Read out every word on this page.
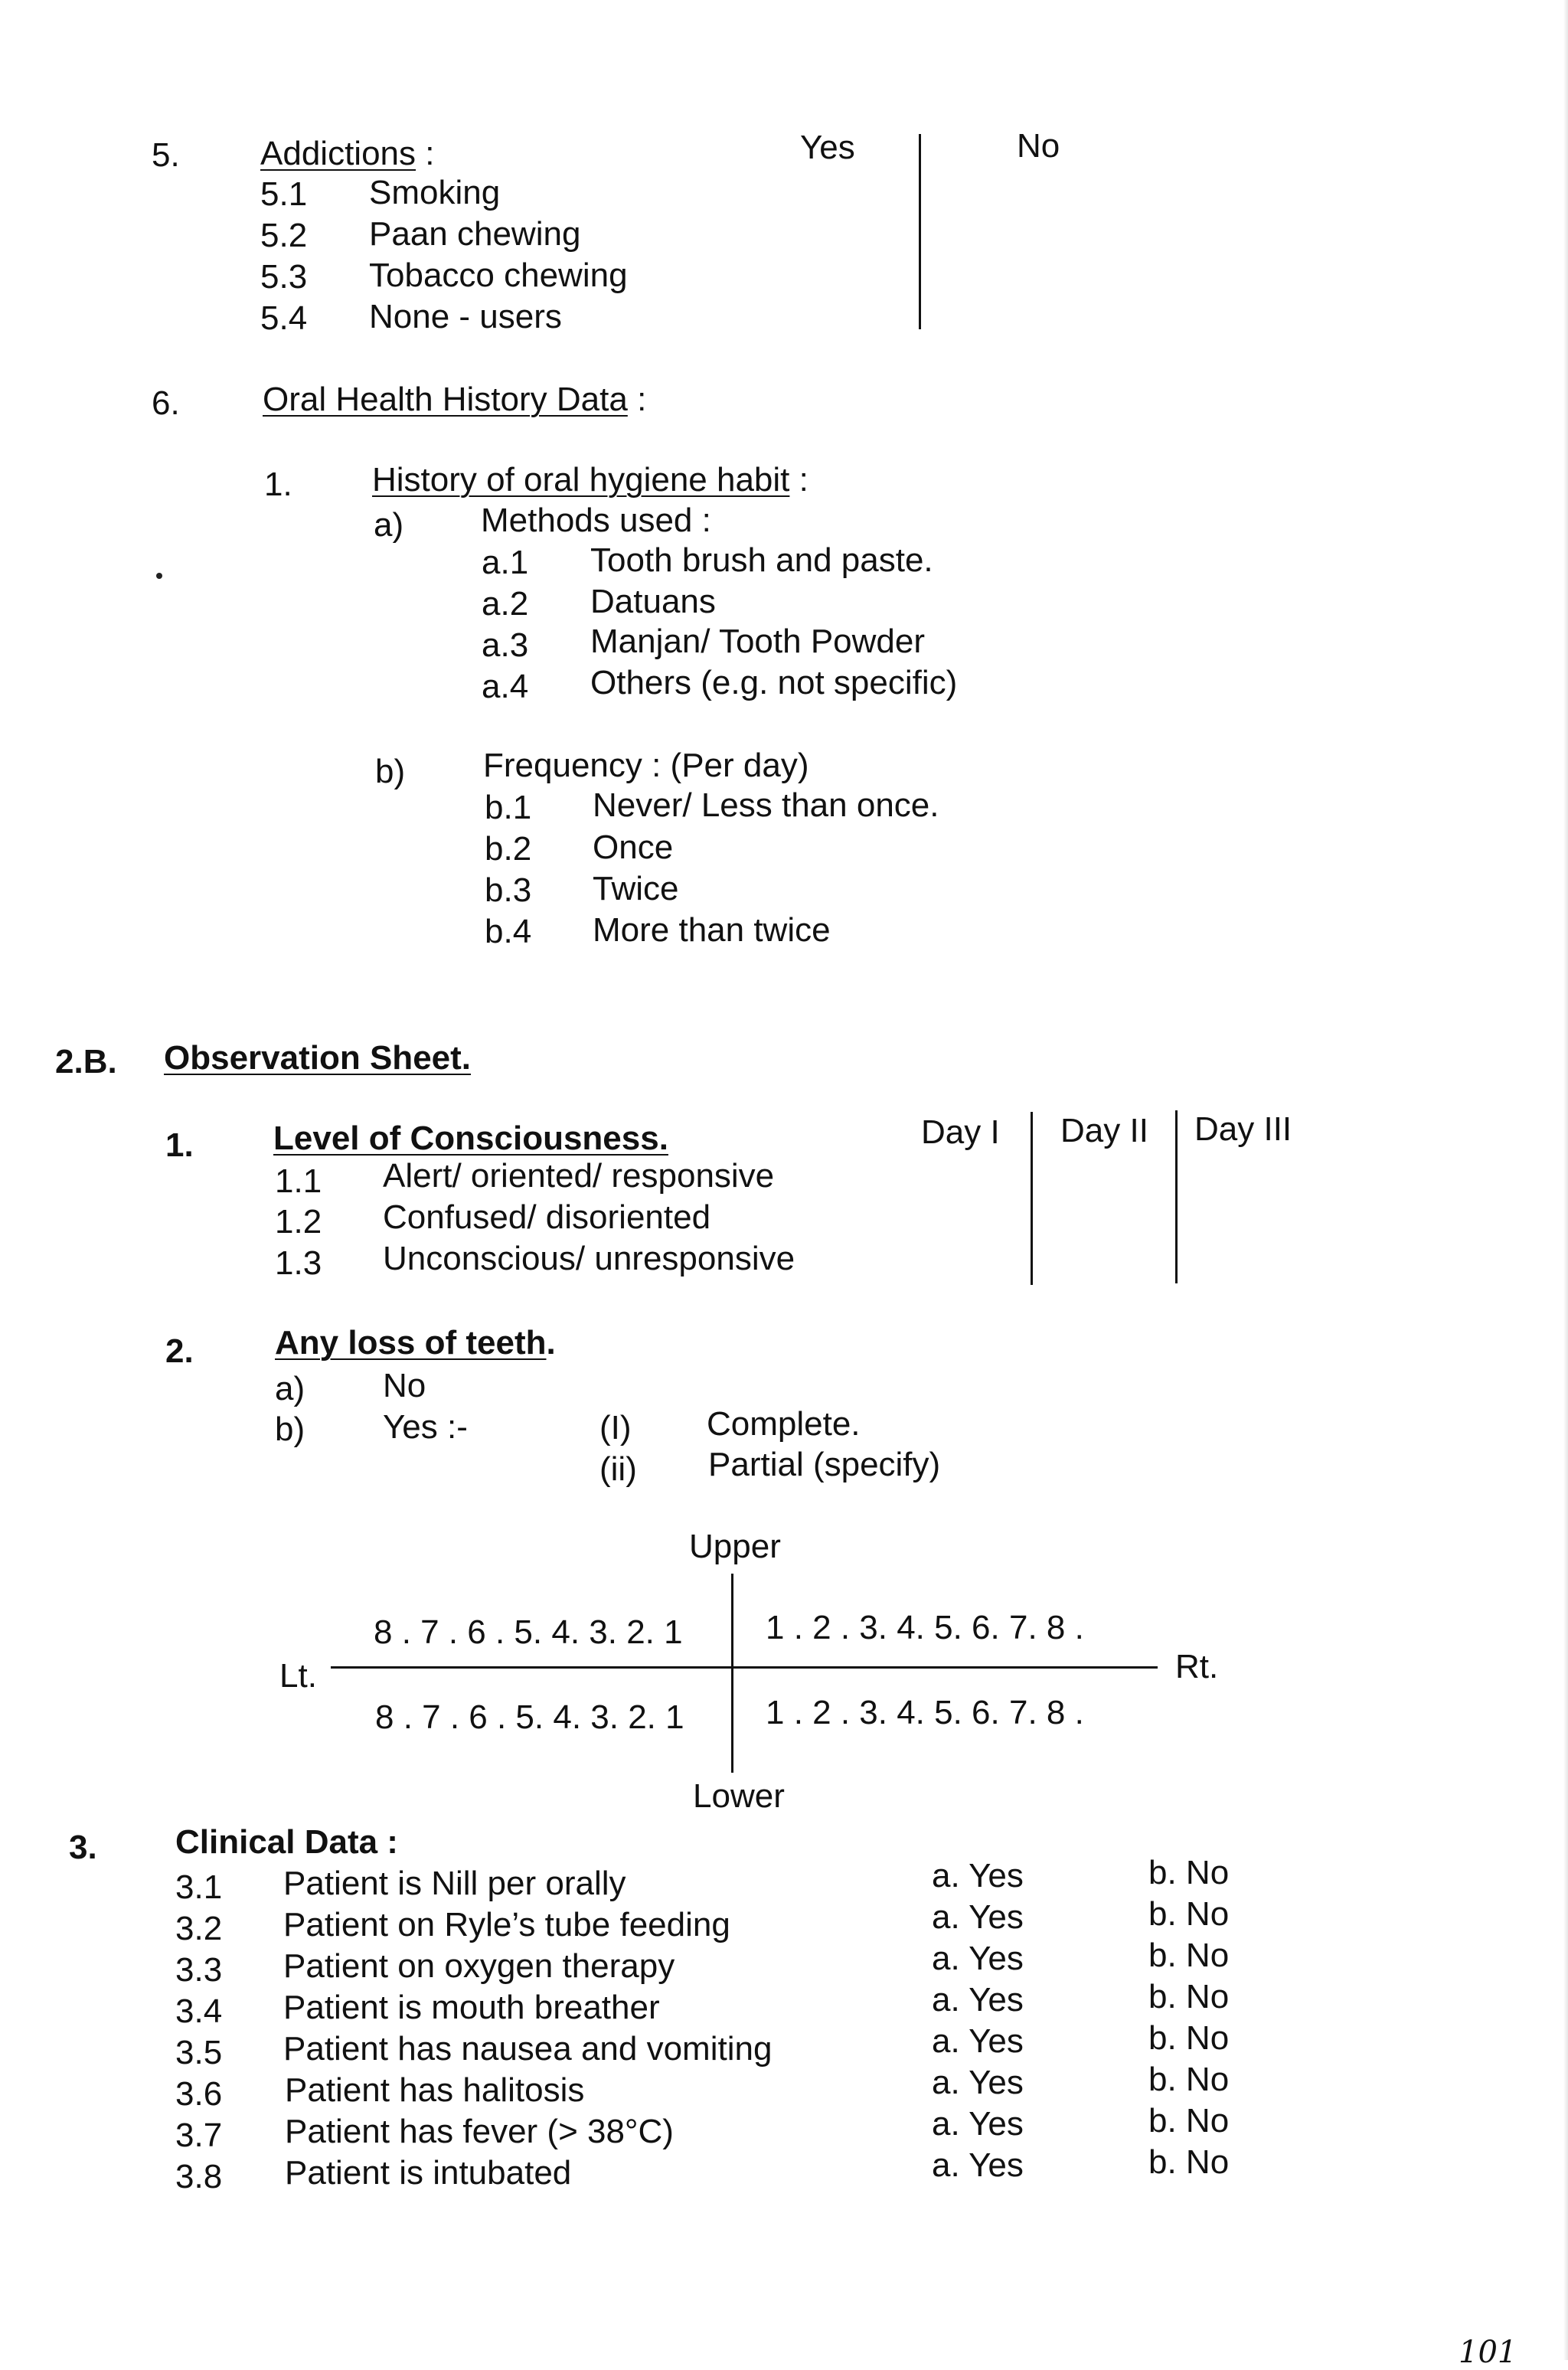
5. Addictions :	Yes	No
5.1 Smoking
5.2 Paan chewing
5.3 Tobacco chewing
5.4 None - users
6. Oral Health History Data :
1. History of oral hygiene habit :
a) Methods used :
a.1 Tooth brush and paste.
a.2 Datuans
a.3 Manjan/ Tooth Powder
a.4 Others (e.g. not specific)
b) Frequency : (Per day)
b.1 Never/ Less than once.
b.2 Once
b.3 Twice
b.4 More than twice
2.B. Observation Sheet.
1. Level of Consciousness.	Day I Day II Day III
1.1 Alert/ oriented/ responsive
1.2 Confused/ disoriented
1.3 Unconscious/ unresponsive
2. Any loss of teeth.
a) No
b) Yes :-	(I) Complete.
(ii) Partial (specify)
Upper
Lower
Lt.	Rt.
8 . 7 . 6 . 5. 4. 3. 2. 1 1 . 2 . 3. 4. 5. 6. 7. 8 .
8 . 7 . 6 . 5. 4. 3. 2. 1 1 . 2 . 3. 4. 5. 6. 7. 8 .
3. Clinical Data :
3.1 Patient is Nill per orally	a. Yes	b. No
3.2 Patient on Ryle’s tube feeding	a. Yes	b. No
3.3 Patient on oxygen therapy	a. Yes	b. No
3.4 Patient is mouth breather	a. Yes	b. No
3.5 Patient has nausea and vomiting	a. Yes	b. No
3.6 Patient has halitosis	a. Yes	b. No
3.7 Patient has fever (> 38°C)	a. Yes	b. No
3.8 Patient is intubated	a. Yes	b. No
101
